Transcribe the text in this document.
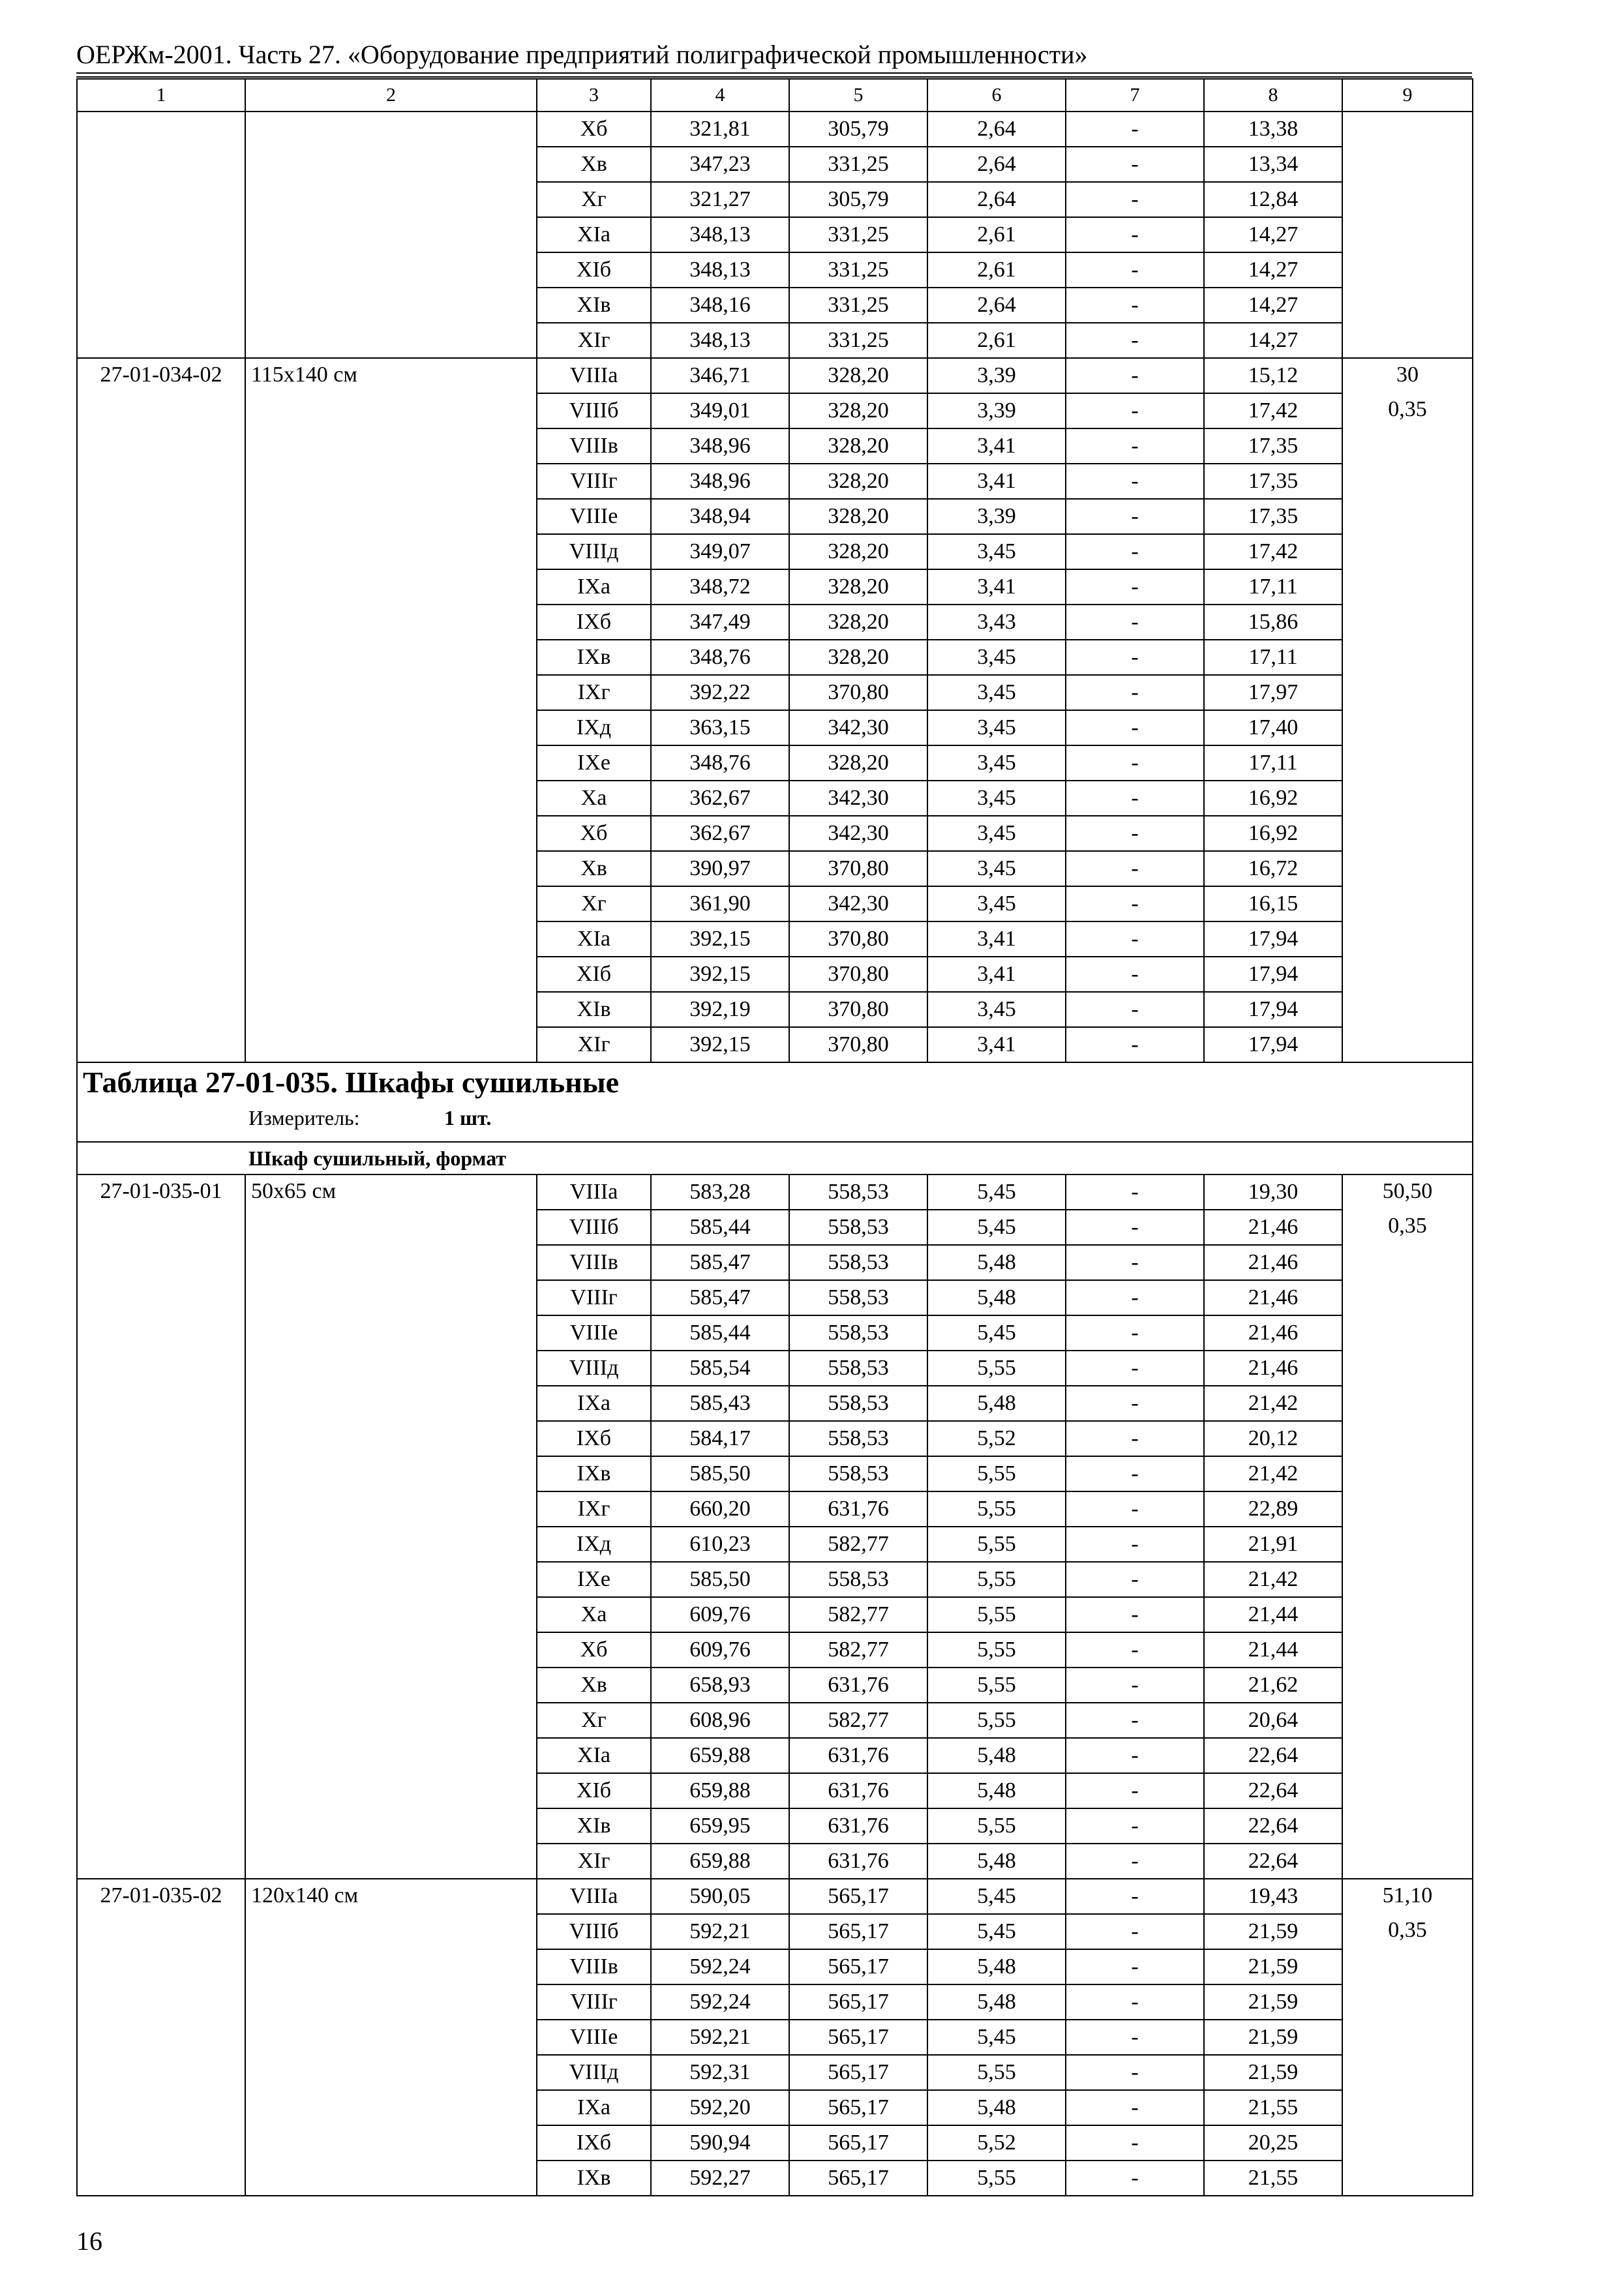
ОЕРЖм-2001. Часть 27. «Оборудование предприятий полиграфической промышленности»
1	2	3	4	5	6	7	8	9
		Xб	321,81	305,79	2,64	-	13,38	
		Xв	347,23	331,25	2,64	-	13,34	
		Xг	321,27	305,79	2,64	-	12,84	
		XIа	348,13	331,25	2,61	-	14,27	
		XIб	348,13	331,25	2,61	-	14,27	
		XIв	348,16	331,25	2,64	-	14,27	
		XIг	348,13	331,25	2,61	-	14,27	
27-01-034-02	115x140 см	VIIIа	346,71	328,20	3,39	-	15,12	30
		VIIIб	349,01	328,20	3,39	-	17,42	0,35
		VIIIв	348,96	328,20	3,41	-	17,35	
		VIIIг	348,96	328,20	3,41	-	17,35	
		VIIIе	348,94	328,20	3,39	-	17,35	
		VIIIд	349,07	328,20	3,45	-	17,42	
		IXа	348,72	328,20	3,41	-	17,11	
		IXб	347,49	328,20	3,43	-	15,86	
		IXв	348,76	328,20	3,45	-	17,11	
		IXг	392,22	370,80	3,45	-	17,97	
		IXд	363,15	342,30	3,45	-	17,40	
		IXе	348,76	328,20	3,45	-	17,11	
		Xа	362,67	342,30	3,45	-	16,92	
		Xб	362,67	342,30	3,45	-	16,92	
		Xв	390,97	370,80	3,45	-	16,72	
		Xг	361,90	342,30	3,45	-	16,15	
		XIа	392,15	370,80	3,41	-	17,94	
		XIб	392,15	370,80	3,41	-	17,94	
		XIв	392,19	370,80	3,45	-	17,94	
		XIг	392,15	370,80	3,41	-	17,94	

Таблица 27-01-035. Шкафы сушильные
Измеритель: 1 шт.								

Шкаф сушильный, формат								
27-01-035-01	50x65 см	VIIIа	583,28	558,53	5,45	-	19,30	50,50
		VIIIб	585,44	558,53	5,45	-	21,46	0,35
		VIIIв	585,47	558,53	5,48	-	21,46	
		VIIIг	585,47	558,53	5,48	-	21,46	
		VIIIе	585,44	558,53	5,45	-	21,46	
		VIIIд	585,54	558,53	5,55	-	21,46	
		IXа	585,43	558,53	5,48	-	21,42	
		IXб	584,17	558,53	5,52	-	20,12	
		IXв	585,50	558,53	5,55	-	21,42	
		IXг	660,20	631,76	5,55	-	22,89	
		IXд	610,23	582,77	5,55	-	21,91	
		IXе	585,50	558,53	5,55	-	21,42	
		Xа	609,76	582,77	5,55	-	21,44	
		Xб	609,76	582,77	5,55	-	21,44	
		Xв	658,93	631,76	5,55	-	21,62	
		Xг	608,96	582,77	5,55	-	20,64	
		XIа	659,88	631,76	5,48	-	22,64	
		XIб	659,88	631,76	5,48	-	22,64	
		XIв	659,95	631,76	5,55	-	22,64	
		XIг	659,88	631,76	5,48	-	22,64	
27-01-035-02	120x140 см	VIIIа	590,05	565,17	5,45	-	19,43	51,10
		VIIIб	592,21	565,17	5,45	-	21,59	0,35
		VIIIв	592,24	565,17	5,48	-	21,59	
		VIIIг	592,24	565,17	5,48	-	21,59	
		VIIIе	592,21	565,17	5,45	-	21,59	
		VIIIд	592,31	565,17	5,55	-	21,59	
		IXа	592,20	565,17	5,48	-	21,55	
		IXб	590,94	565,17	5,52	-	20,25	
		IXв	592,27	565,17	5,55	-	21,55	
16
